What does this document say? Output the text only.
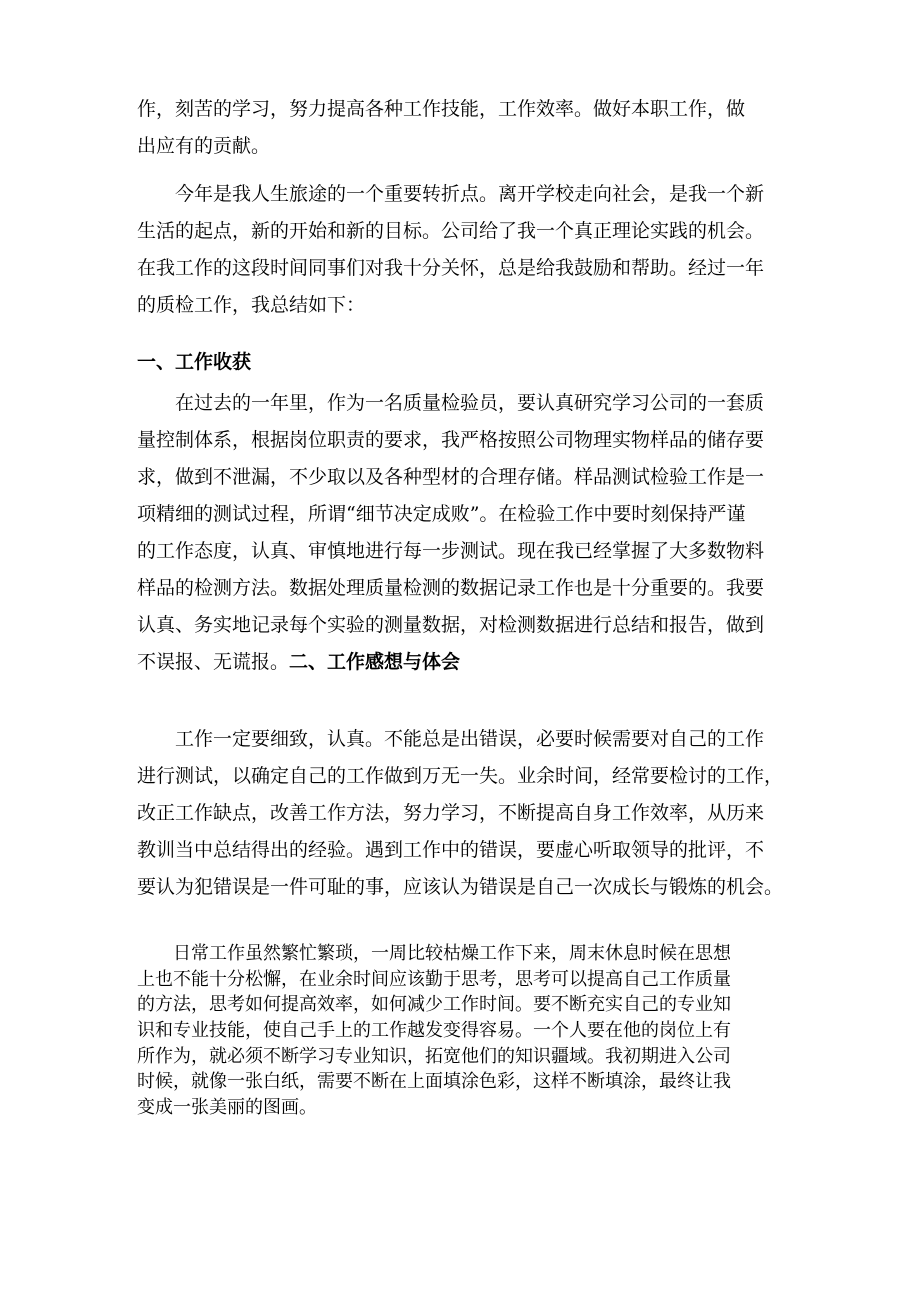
作，刻苦的学习，努力提高各种工作技能，工作效率。做好本职工作，做
出应有的贡献。
　　今年是我人生旅途的一个重要转折点。离开学校走向社会，是我一个新
生活的起点，新的开始和新的目标。公司给了我一个真正理论实践的机会。
在我工作的这段时间同事们对我十分关怀，总是给我鼓励和帮助。经过一年
的质检工作，我总结如下：
一、工作收获
　　在过去的一年里，作为一名质量检验员，要认真研究学习公司的一套质
量控制体系，根据岗位职责的要求，我严格按照公司物理实物样品的储存要
求，做到不泄漏，不少取以及各种型材的合理存储。样品测试检验工作是一
项精细的测试过程，所谓“细节决定成败”。在检验工作中要时刻保持严谨
的工作态度，认真、审慎地进行每一步测试。现在我已经掌握了大多数物料
样品的检测方法。数据处理质量检测的数据记录工作也是十分重要的。我要
认真、务实地记录每个实验的测量数据，对检测数据进行总结和报告，做到
不误报、无谎报。二、工作感想与体会
　　工作一定要细致，认真。不能总是出错误，必要时候需要对自己的工作
进行测试，以确定自己的工作做到万无一失。业余时间，经常要检讨的工作，
改正工作缺点，改善工作方法，努力学习，不断提高自身工作效率，从历来
教训当中总结得出的经验。遇到工作中的错误，要虚心听取领导的批评，不
要认为犯错误是一件可耻的事，应该认为错误是自己一次成长与锻炼的机会。
　　日常工作虽然繁忙繁琐，一周比较枯燥工作下来，周末休息时候在思想
上也不能十分松懈，在业余时间应该勤于思考，思考可以提高自己工作质量
的方法，思考如何提高效率，如何减少工作时间。要不断充实自己的专业知
识和专业技能，使自己手上的工作越发变得容易。一个人要在他的岗位上有
所作为，就必须不断学习专业知识，拓宽他们的知识疆域。我初期进入公司
时候，就像一张白纸，需要不断在上面填涂色彩，这样不断填涂，最终让我
变成一张美丽的图画。
